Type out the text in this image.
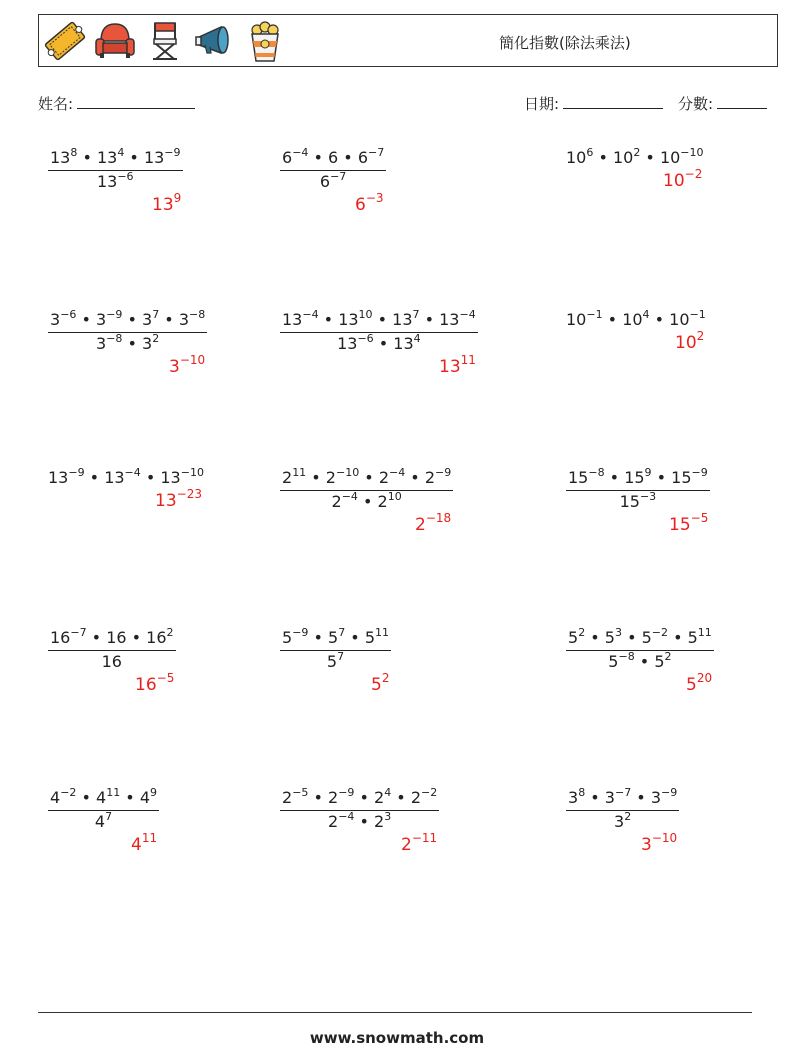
簡化指數(除法乘法)
姓名:	日期:	分數:
$\frac{13^8 • 13^4 • 13^{-9}}{13^{-6}}$
$13^9$
$\frac{6^{-4} • 6 • 6^{-7}}{6^{-7}}$
$6^{-3}$
$10^6$ • $10^2$ • $10^{-10}$
$10^{-2}$
$\frac{3^{-6} • 3^{-9} • 3^7 • 3^{-8}}{3^{-8} • 3^2}$
$3^{-10}$
$\frac{13^{-4} • 13^{10} • 13^7 • 13^{-4}}{13^{-6} • 13^4}$
$13^{11}$
$10^{-1}$ • $10^4$ • $10^{-1}$
$10^2$
$13^{-9}$ • $13^{-4}$ • $13^{-10}$
$13^{-23}$	$\frac{2^{11} • 2^{-10} • 2^{-4} • 2^{-9}}{2^{-4} • 2^{10}}$
$2^{-18}$
$\frac{15^{-8} • 15^9 • 15^{-9}}{15^{-3}}$
$15^{-5}$
$\frac{16^{-7} • 16 • 16^2}{16}$
$16^{-5}$
$\frac{5^{-9} • 5^7 • 5^{11}}{5^7}$
$5^2$
$\frac{5^2 • 5^3 • 5^{-2} • 5^{11}}{5^{-8} • 5^2}$
$5^{20}$
$\frac{4^{-2} • 4^{11} • 4^9}{4^7}$
$4^{11}$
$\frac{2^{-5} • 2^{-9} • 2^4 • 2^{-2}}{2^{-4} • 2^3}$
$2^{-11}$
$\frac{3^8 • 3^{-7} • 3^{-9}}{3^2}$
$3^{-10}$
www.snowmath.com
